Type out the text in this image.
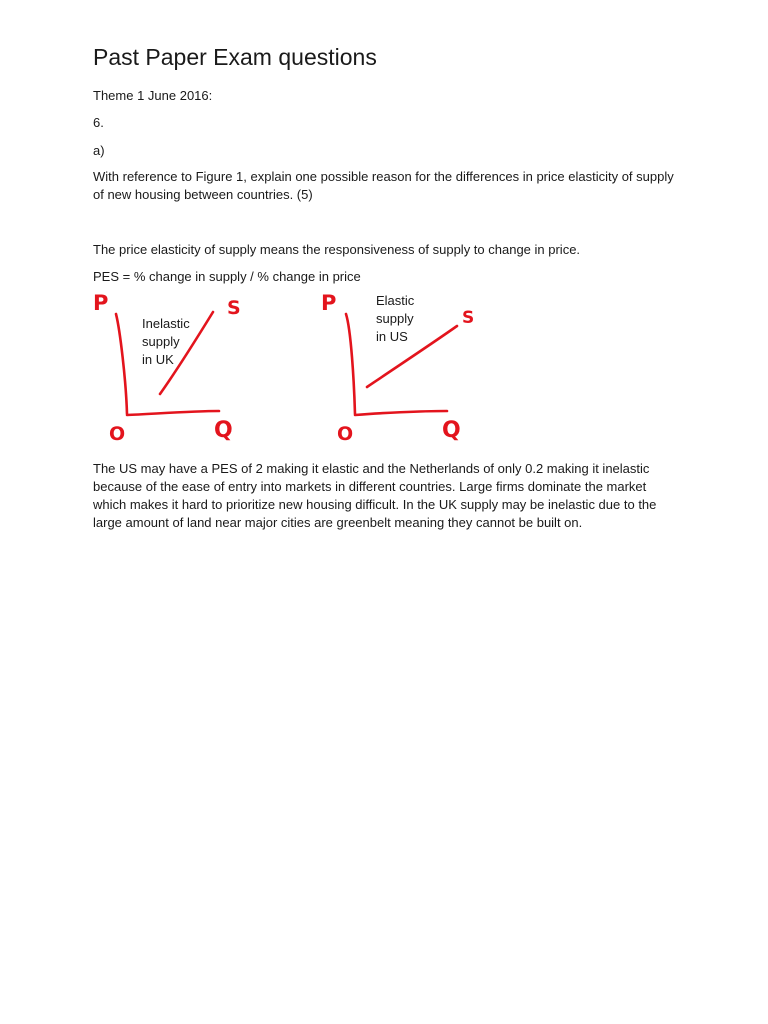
Past Paper Exam questions

Theme 1 June 2016:

6.

a)

With reference to Figure 1, explain one possible reason for the differences in price elasticity of supply of new housing between countries. (5)

The price elasticity of supply means the responsiveness of supply to change in price.

PES = % change in supply / % change in price

P
O	Q
S
Inelastic
supply
in UK
P
O	Q
S
Elastic
supply
in US

The US may have a PES of 2 making it elastic and the Netherlands of only 0.2 making it inelastic because of the ease of entry into markets in different countries. Large firms dominate the market which makes it hard to prioritize new housing difficult. In the UK supply may be inelastic due to the large amount of land near major cities are greenbelt meaning they cannot be built on.
